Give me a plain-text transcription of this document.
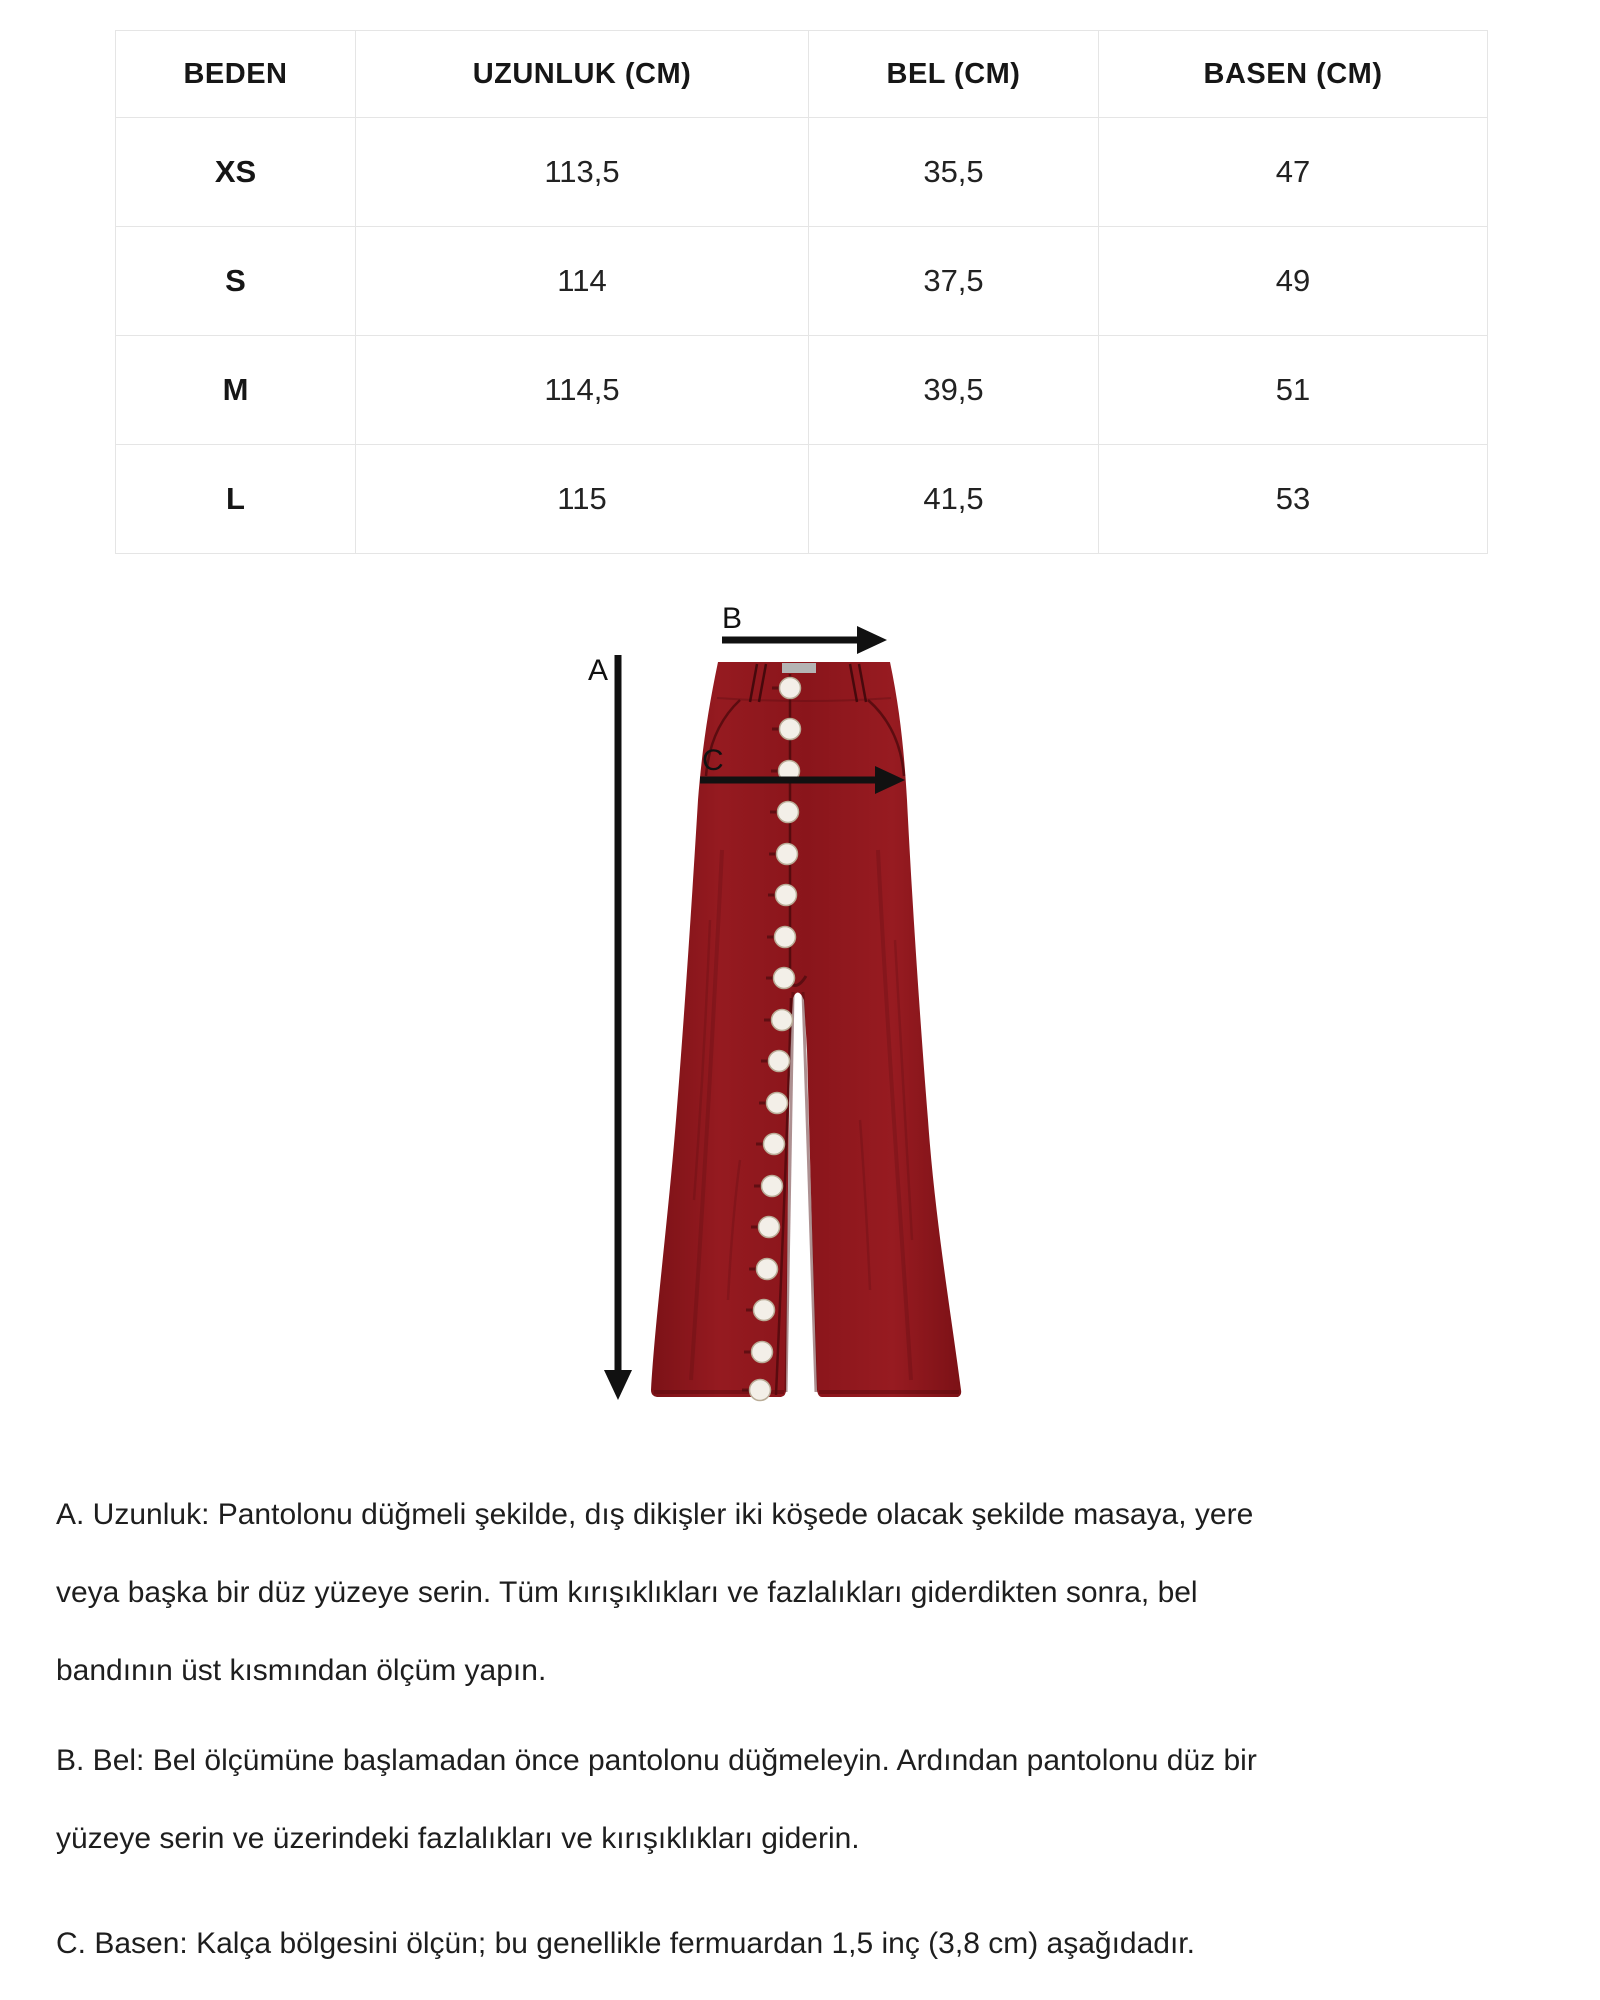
BEDEN	UZUNLUK (CM)	BEL (CM)	BASEN (CM)
XS	113,5	35,5	47
S	114	37,5	49
M	114,5	39,5	51
L	115	41,5	53
A
B
C
A. Uzunluk: Pantolonu düğmeli şekilde, dış dikişler iki köşede olacak şekilde masaya, yere
veya başka bir düz yüzeye serin. Tüm kırışıklıkları ve fazlalıkları giderdikten sonra, bel
bandının üst kısmından ölçüm yapın.
B. Bel: Bel ölçümüne başlamadan önce pantolonu düğmeleyin. Ardından pantolonu düz bir
yüzeye serin ve üzerindeki fazlalıkları ve kırışıklıkları giderin.
C. Basen: Kalça bölgesini ölçün; bu genellikle fermuardan 1,5 inç (3,8 cm) aşağıdadır.
